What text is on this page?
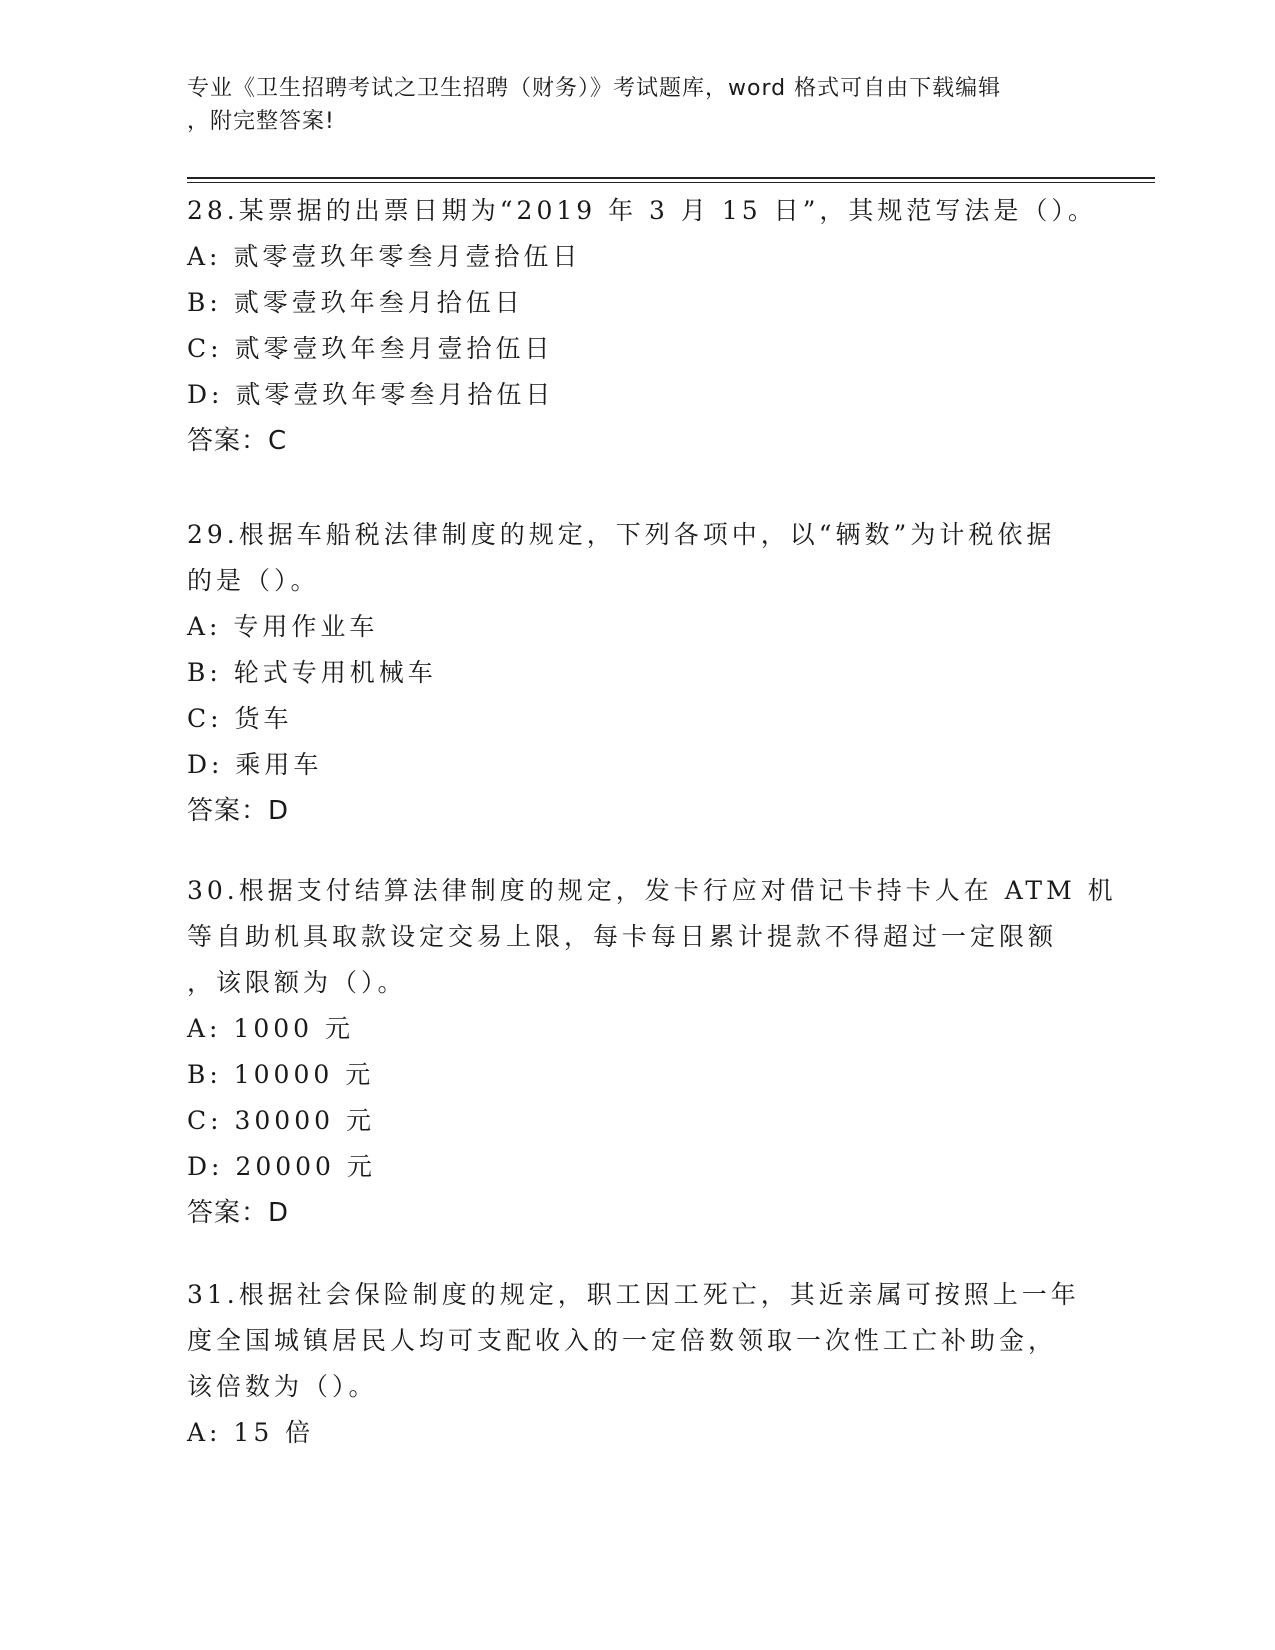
专业《卫生招聘考试之卫生招聘（财务）》考试题库，word 格式可自由下载编辑
，附完整答案!
28.某票据的出票日期为“2019 年 3 月 15 日”，其规范写法是（）。
A: 贰零壹玖年零叁月壹拾伍日
B: 贰零壹玖年叁月拾伍日
C: 贰零壹玖年叁月壹拾伍日
D: 贰零壹玖年零叁月拾伍日
答案：C
29.根据车船税法律制度的规定，下列各项中，以“辆数”为计税依据
的是（）。
A: 专用作业车
B: 轮式专用机械车
C: 货车
D: 乘用车
答案：D
30.根据支付结算法律制度的规定，发卡行应对借记卡持卡人在 ATM 机
等自助机具取款设定交易上限，每卡每日累计提款不得超过一定限额
，该限额为（）。
A: 1000 元
B: 10000 元
C: 30000 元
D: 20000 元
答案：D
31.根据社会保险制度的规定，职工因工死亡，其近亲属可按照上一年
度全国城镇居民人均可支配收入的一定倍数领取一次性工亡补助金，
该倍数为（）。
A: 15 倍
